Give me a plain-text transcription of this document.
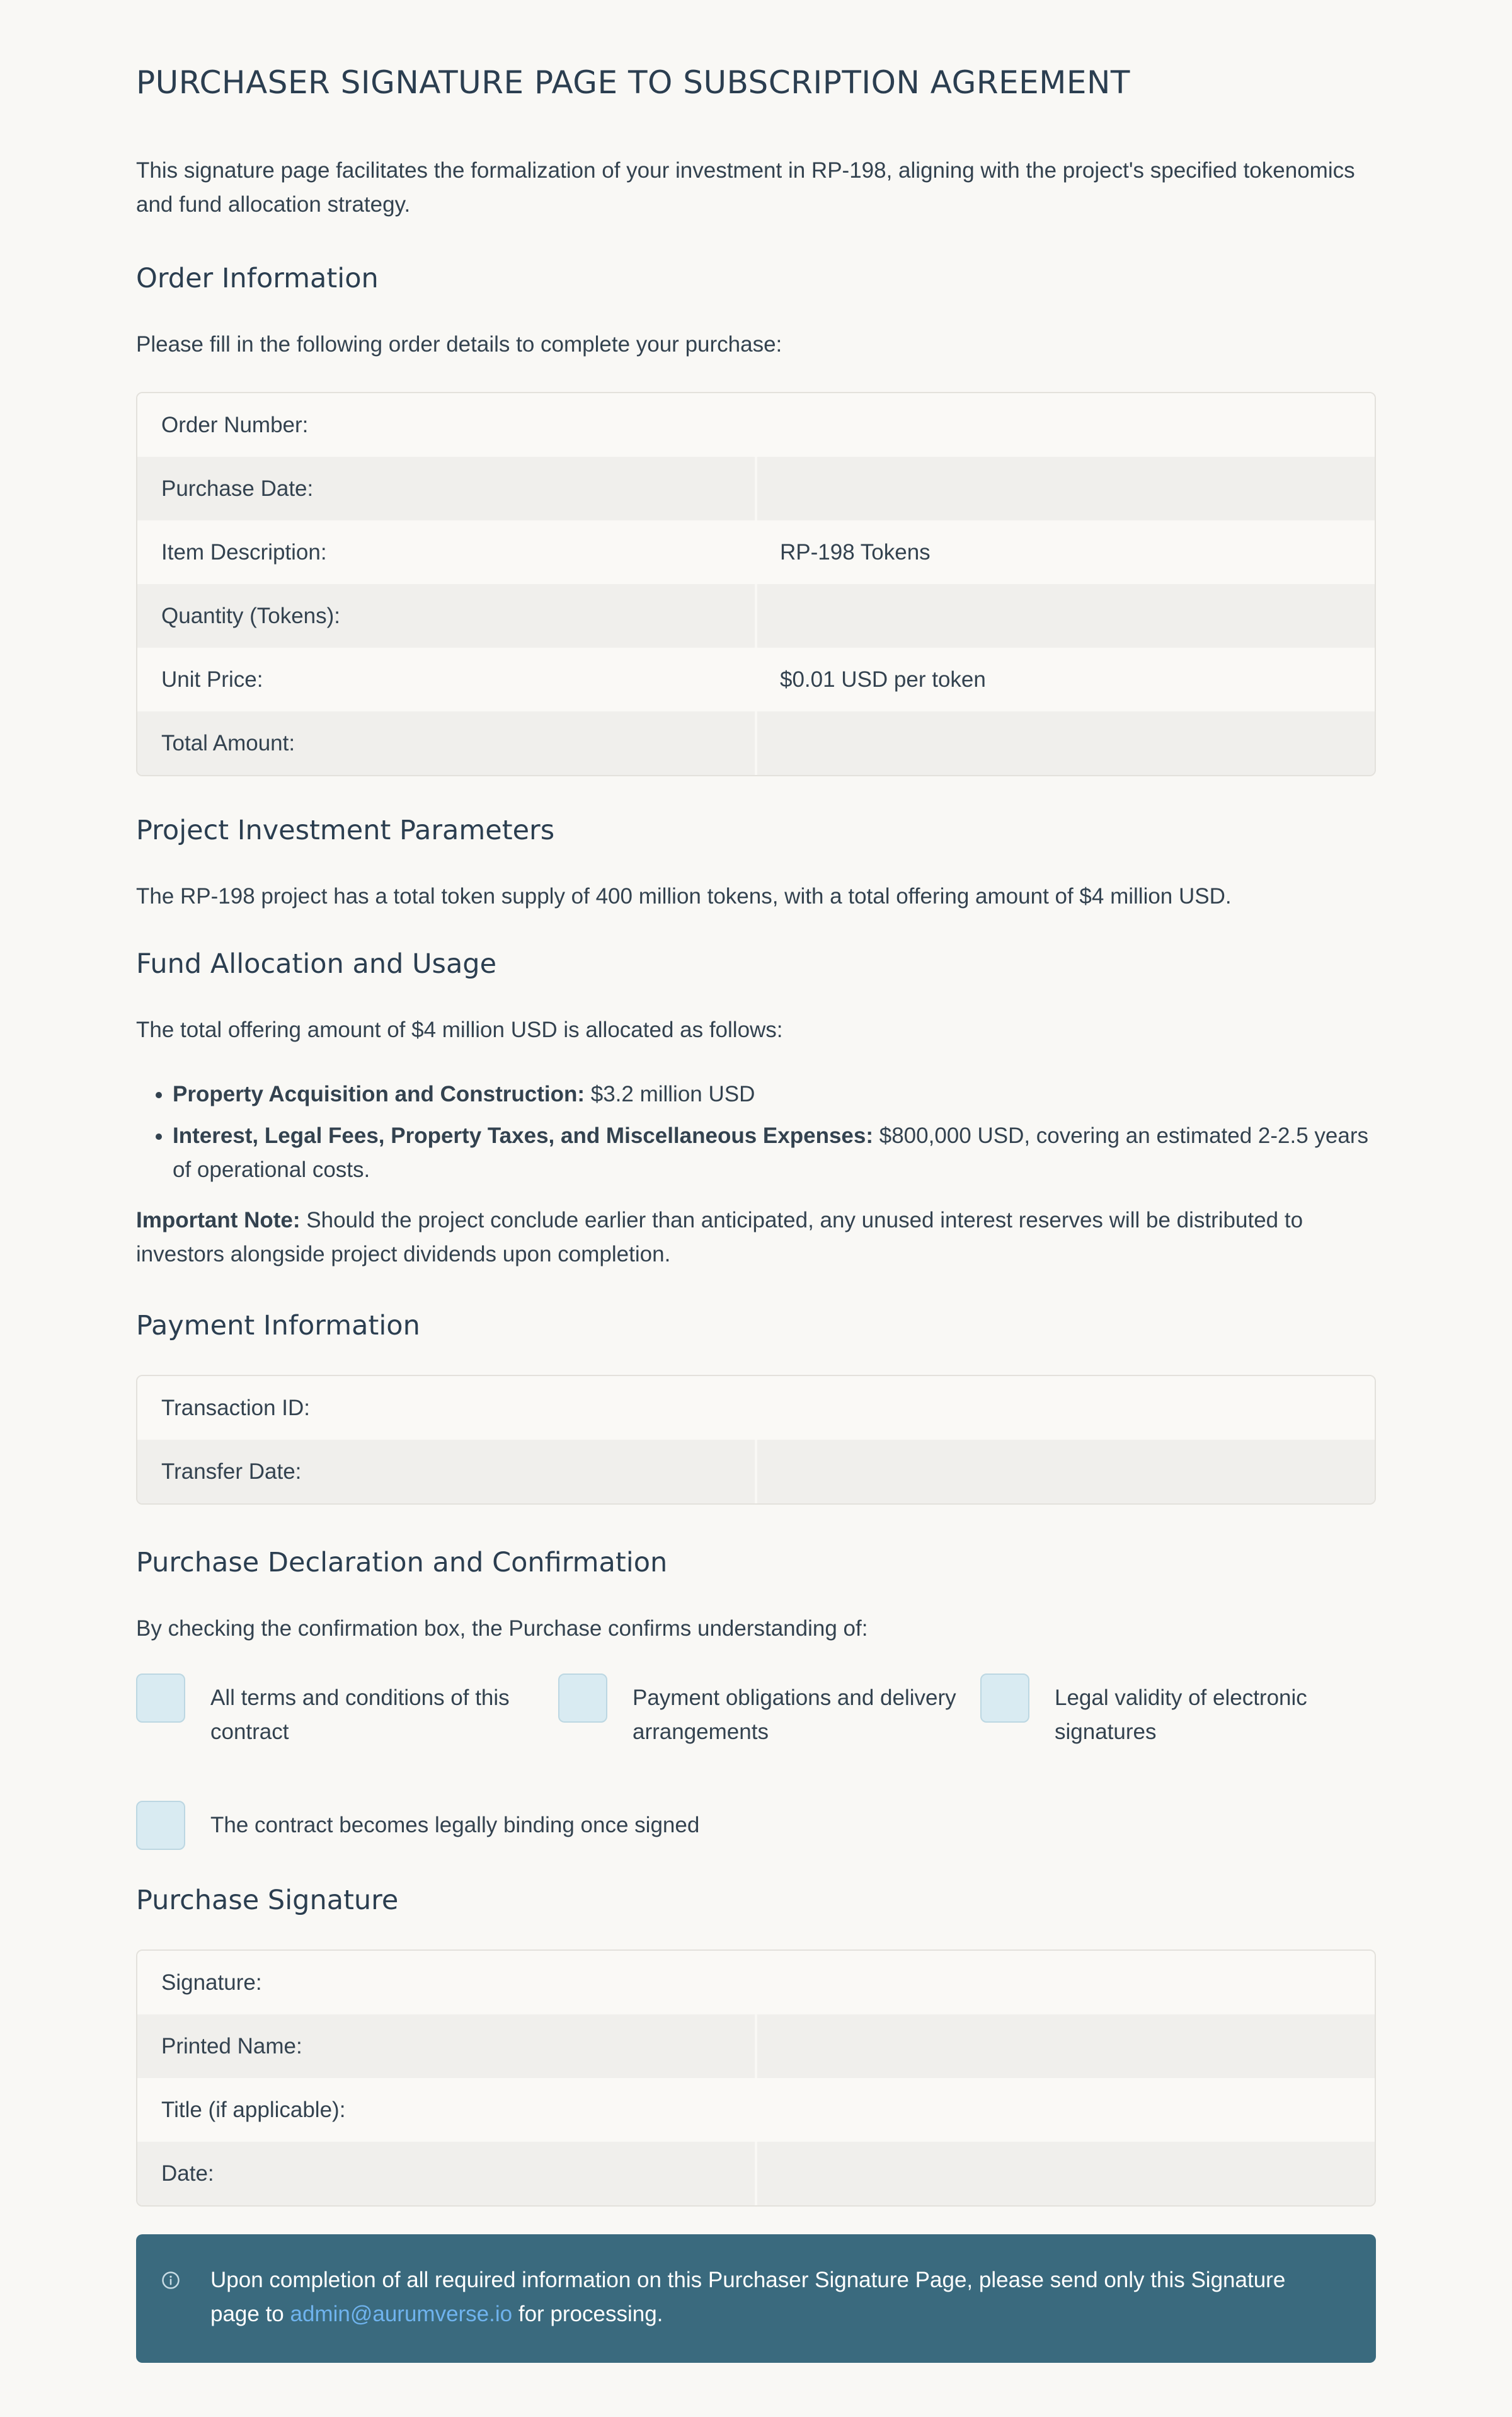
PURCHASER SIGNATURE PAGE TO SUBSCRIPTION AGREEMENT

This signature page facilitates the formalization of your investment in RP-198, aligning with the project's specified tokenomics and fund allocation strategy.

Order Information

Please fill in the following order details to complete your purchase:

Order Number:
Purchase Date:
Item Description:	RP-198 Tokens
Quantity (Tokens):
Unit Price:	$0.01 USD per token
Total Amount:
Project Investment Parameters

The RP-198 project has a total token supply of 400 million tokens, with a total offering amount of $4 million USD.

Fund Allocation and Usage

The total offering amount of $4 million USD is allocated as follows:

• Property Acquisition and Construction: $3.2 million USD
• Interest, Legal Fees, Property Taxes, and Miscellaneous Expenses: $800,000 USD, covering an estimated 2-2.5 years of operational costs.

Important Note: Should the project conclude earlier than anticipated, any unused interest reserves will be distributed to investors alongside project dividends upon completion.

Payment Information
Transaction ID:
Transfer Date:
Purchase Declaration and Confirmation

By checking the confirmation box, the Purchase confirms understanding of:

All terms and conditions of this contract
Payment obligations and delivery arrangements
Legal validity of electronic signatures
The contract becomes legally binding once signed
Purchase Signature
Signature:
Printed Name:
Title (if applicable):
Date:
Upon completion of all required information on this Purchaser Signature Page, please send only this Signature page to admin@aurumverse.io for processing.
